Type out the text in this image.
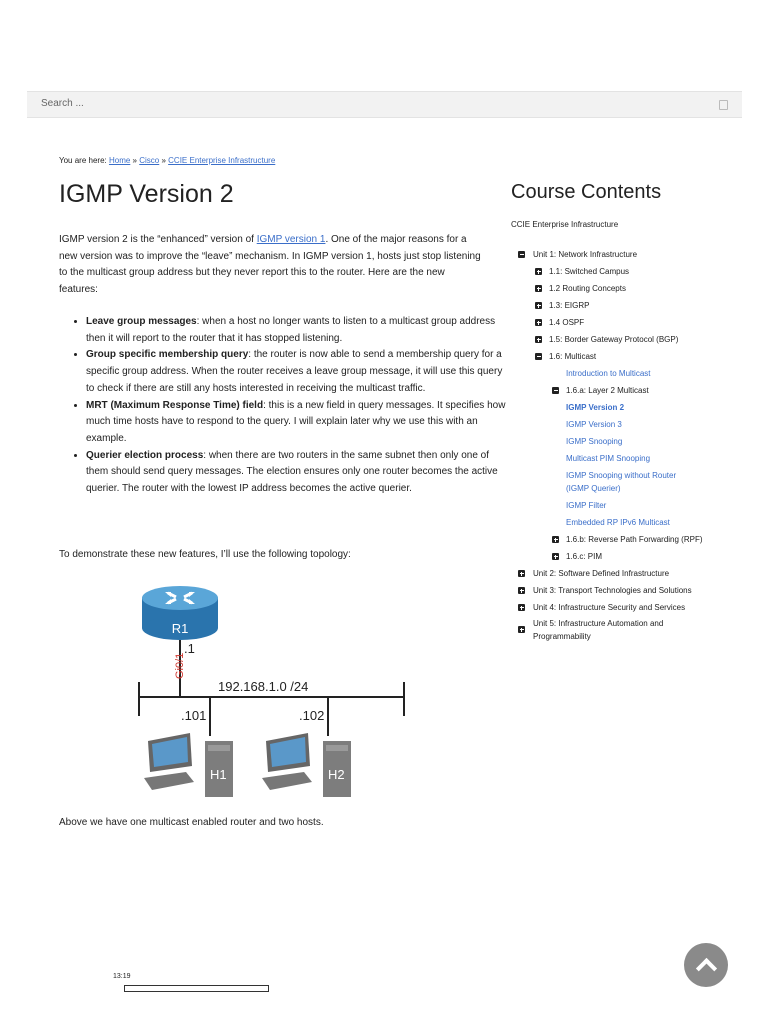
Search ...
You are here: Home » Cisco » CCIE Enterprise Infrastructure
IGMP Version 2

IGMP version 2 is the “enhanced” version of IGMP version 1. One of the major reasons for a new version was to improve the “leave” mechanism. In IGMP version 1, hosts just stop listening to the multicast group address but they never report this to the router. Here are the new features:

• Leave group messages: when a host no longer wants to listen to a multicast group address then it will report to the router that it has stopped listening.
• Group specific membership query: the router is now able to send a membership query for a specific group address. When the router receives a leave group message, it will use this query to check if there are still any hosts interested in receiving the multicast traffic.
• MRT (Maximum Response Time) field: this is a new field in query messages. It specifies how much time hosts have to respond to the query. I will explain later why we use this with an example.
• Querier election process: when there are two routers in the same subnet then only one of them should send query messages. The election ensures only one router becomes the active querier. The router with the lowest IP address becomes the active querier.

To demonstrate these new features, I’ll use the following topology:

R1
.1
Gi0/1
192.168.1.0 /24
.101	.102
H1	H2

Above we have one multicast enabled router and two hosts.

Course Contents
CCIE Enterprise Infrastructure
Unit 1: Network Infrastructure
1.1: Switched Campus
1.2 Routing Concepts
1.3: EIGRP
1.4 OSPF
1.5: Border Gateway Protocol (BGP)
1.6: Multicast
Introduction to Multicast
1.6.a: Layer 2 Multicast
IGMP Version 2
IGMP Version 3
IGMP Snooping
Multicast PIM Snooping
IGMP Snooping without Router
(IGMP Querier)
IGMP Filter
Embedded RP IPv6 Multicast
1.6.b: Reverse Path Forwarding (RPF)
1.6.c: PIM
Unit 2: Software Defined Infrastructure
Unit 3: Transport Technologies and Solutions
Unit 4: Infrastructure Security and Services
Unit 5: Infrastructure Automation and
Programmability
13:19
